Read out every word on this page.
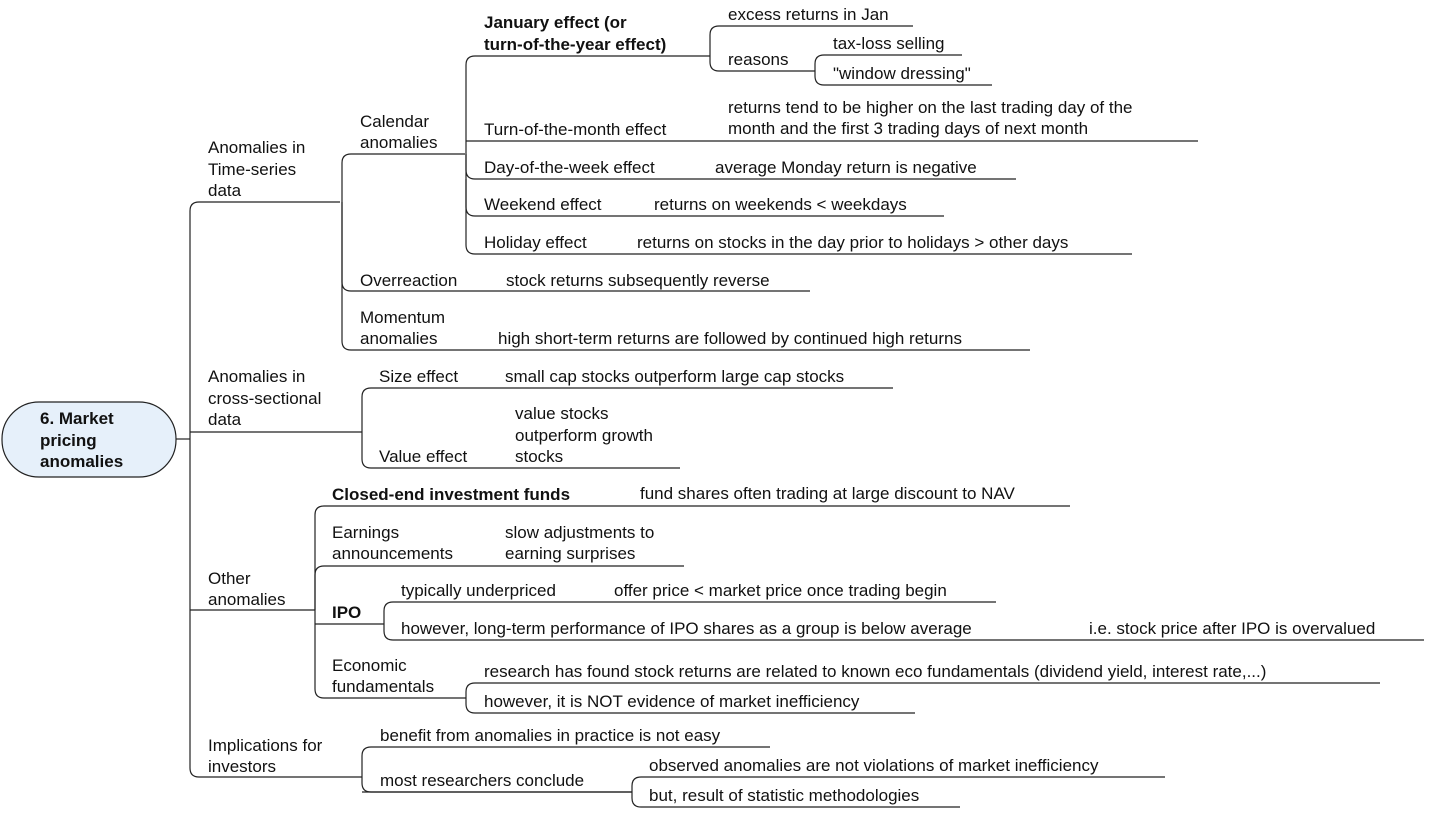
6. Market pricing anomalies
Anomalies in Time-series data
Calendar anomalies
January effect (or turn-of-the-year effect)
excess returns in Jan
reasons
tax-loss selling
"window dressing"
Turn-of-the-month effect
returns tend to be higher on the last trading day of the month and the first 3 trading days of next month
Day-of-the-week effect	average Monday return is negative
Weekend effect	returns on weekends < weekdays
Holiday effect	returns on stocks in the day prior to holidays > other days
Overreaction	stock returns subsequently reverse
Momentum anomalies	high short-term returns are followed by continued high returns
Anomalies in cross-sectional data
Size effect	small cap stocks outperform large cap stocks
Value effect
value stocks outperform growth stocks
Other anomalies
Closed-end investment funds	fund shares often trading at large discount to NAV
Earnings announcements
slow adjustments to earning surprises
IPO
typically underpriced	offer price < market price once trading begin
however, long-term performance of IPO shares as a group is below average	i.e. stock price after IPO is overvalued
Economic fundamentals
research has found stock returns are related to known eco fundamentals (dividend yield, interest rate,...)
however, it is NOT evidence of market inefficiency
Implications for investors
benefit from anomalies in practice is not easy
most researchers conclude
observed anomalies are not violations of market inefficiency
but, result of statistic methodologies
